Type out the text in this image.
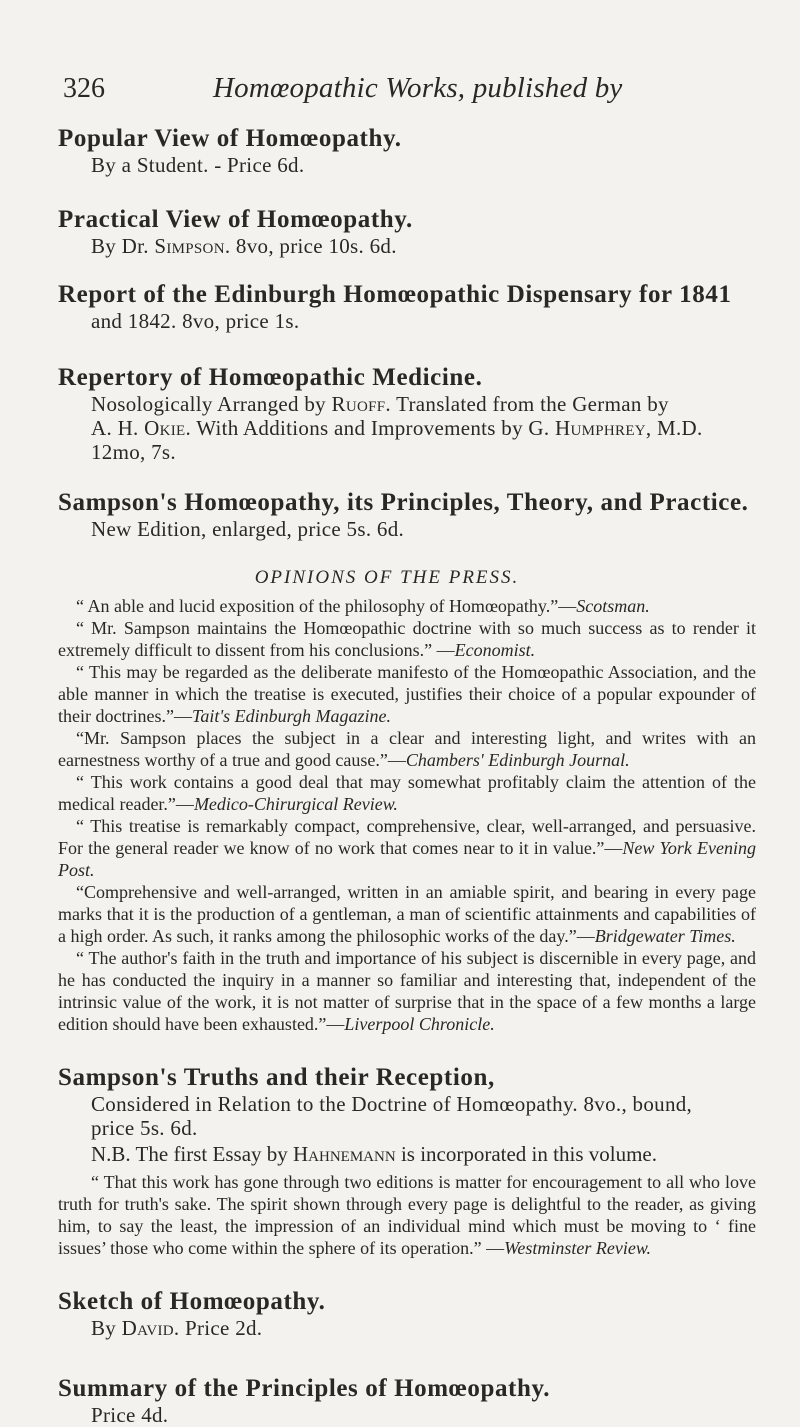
326	Homœopathic Works, published by
Popular View of Homœopathy.
By a Student. - Price 6d.
Practical View of Homœopathy.
By Dr. Simpson. 8vo, price 10s. 6d.
Report of the Edinburgh Homœopathic Dispensary for 1841
and 1842. 8vo, price 1s.
Repertory of Homœopathic Medicine.
Nosologically Arranged by Ruoff. Translated from the German by
A. H. Okie. With Additions and Improvements by G. Humphrey, M.D.
12mo, 7s.
Sampson's Homœopathy, its Principles, Theory, and Practice.
New Edition, enlarged, price 5s. 6d.
OPINIONS OF THE PRESS.

“ An able and lucid exposition of the philosophy of Homœopathy.”—Scotsman.

“ Mr. Sampson maintains the Homœopathic doctrine with so much success as to render it extremely difficult to dissent from his conclusions.” —Economist.

“ This may be regarded as the deliberate manifesto of the Homœopathic Association, and the able manner in which the treatise is executed, justifies their choice of a popular expounder of their doctrines.”—Tait's Edinburgh Magazine.

“Mr. Sampson places the subject in a clear and interesting light, and writes with an earnestness worthy of a true and good cause.”—Chambers' Edinburgh Journal.

“ This work contains a good deal that may somewhat profitably claim the attention of the medical reader.”—Medico-Chirurgical Review.

“ This treatise is remarkably compact, comprehensive, clear, well-arranged, and persuasive. For the general reader we know of no work that comes near to it in value.”—New York Evening Post.

“Comprehensive and well-arranged, written in an amiable spirit, and bearing in every page marks that it is the production of a gentleman, a man of scientific attainments and capabilities of a high order. As such, it ranks among the philosophic works of the day.”—Bridgewater Times.

“ The author's faith in the truth and importance of his subject is discernible in every page, and he has conducted the inquiry in a manner so familiar and interesting that, independent of the intrinsic value of the work, it is not matter of surprise that in the space of a few months a large edition should have been exhausted.”—Liverpool Chronicle.

Sampson's Truths and their Reception,
Considered in Relation to the Doctrine of Homœopathy. 8vo., bound,
price 5s. 6d.
N.B. The first Essay by Hahnemann is incorporated in this volume.

“ That this work has gone through two editions is matter for encouragement to all who love truth for truth's sake. The spirit shown through every page is delightful to the reader, as giving him, to say the least, the impression of an individual mind which must be moving to ‘ fine issues’ those who come within the sphere of its operation.” —Westminster Review.

Sketch of Homœopathy.
By David. Price 2d.
Summary of the Principles of Homœopathy.
Price 4d.
